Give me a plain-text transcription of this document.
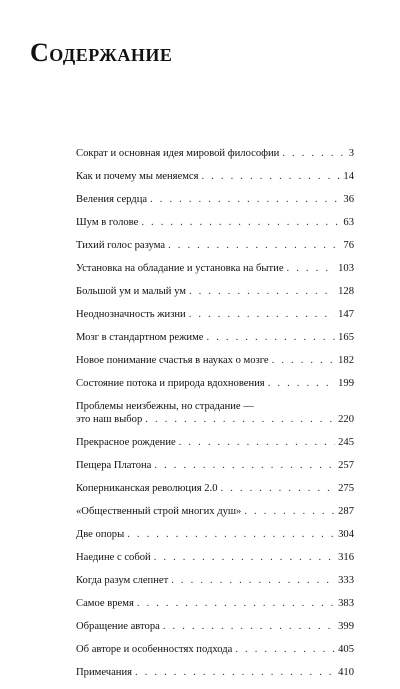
Содержание
Сократ и основная идея мировой философии . . .	3
Как и почему мы меняемся . . .	14
Веления сердца . . .	36
Шум в голове . . .	63
Тихий голос разума . . .	76
Установка на обладание и установка на бытие . . .	103
Большой ум и малый ум . . .	128
Неоднозначность жизни . . .	147
Мозг в стандартном режиме . . .	165
Новое понимание счастья в науках о мозге . . .	182
Состояние потока и природа вдохновения . . .	199
Проблемы неизбежны, но страдание —
это наш выбор . . .	220
Прекрасное рождение . . .	245
Пещера Платона . . .	257
Коперниканская революция 2.0 . . .	275
«Общественный строй многих душ» . . .	287
Две опоры . . .	304
Наедине с собой . . .	316
Когда разум слепнет . . .	333
Самое время . . .	383
Обращение автора . . .	399
Об авторе и особенностях подхода . . .	405
Примечания . . .	410
